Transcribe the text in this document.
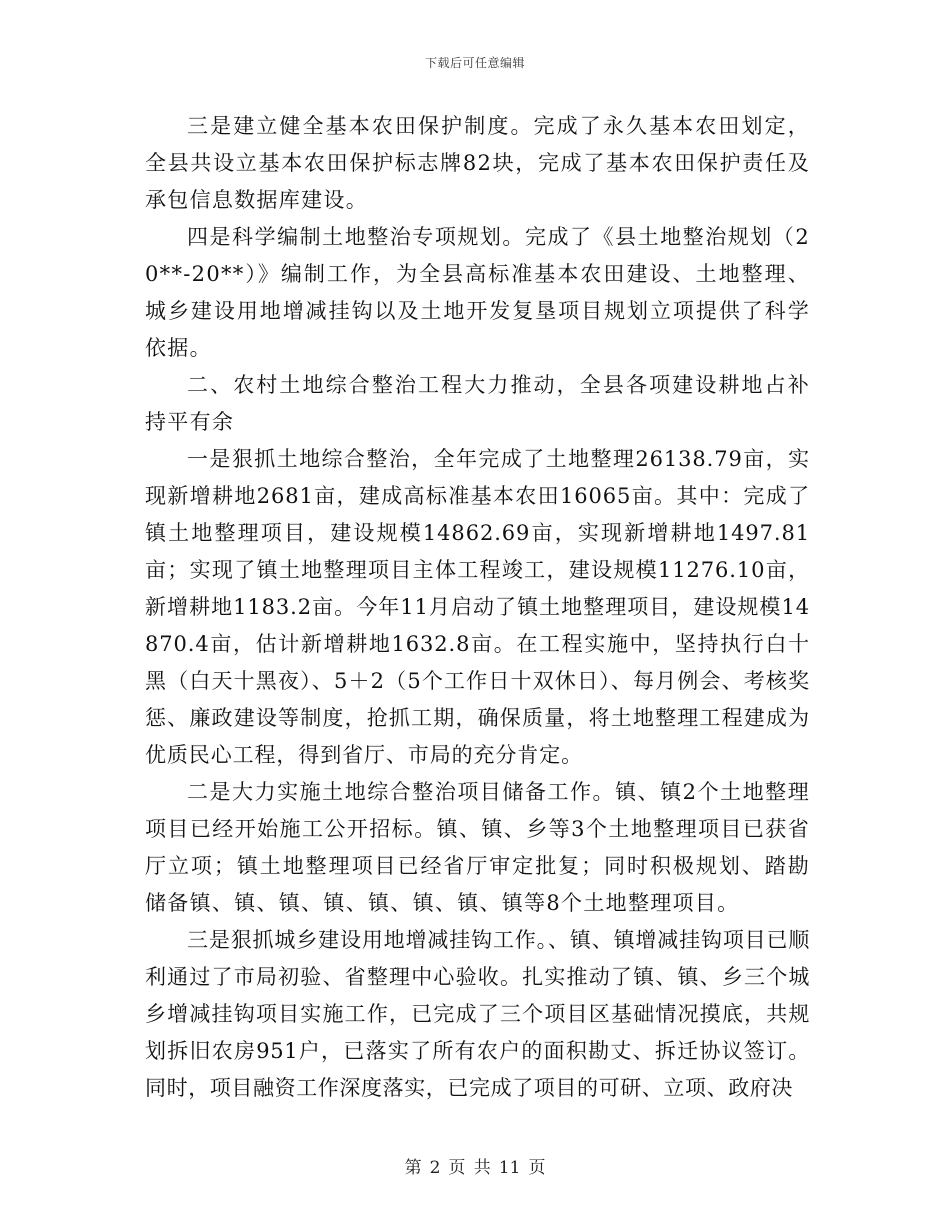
下载后可任意编辑

三是建立健全基本农田保护制度。完成了永久基本农田划定，全县共设立基本农田保护标志牌82块，完成了基本农田保护责任及承包信息数据库建设。

四是科学编制土地整治专项规划。完成了《县土地整治规划（20**-20**）》编制工作，为全县高标准基本农田建设、土地整理、城乡建设用地增减挂钩以及土地开发复垦项目规划立项提供了科学依据。

二、农村土地综合整治工程大力推动，全县各项建设耕地占补持平有余

一是狠抓土地综合整治，全年完成了土地整理26138.79亩，实现新增耕地2681亩，建成高标准基本农田16065亩。其中：完成了镇土地整理项目，建设规模14862.69亩，实现新增耕地1497.81亩；实现了镇土地整理项目主体工程竣工，建设规模11276.10亩，新增耕地1183.2亩。今年11月启动了镇土地整理项目，建设规模14870.4亩，估计新增耕地1632.8亩。在工程实施中，坚持执行白十黑（白天十黑夜）、5＋2（5个工作日十双休日）、每月例会、考核奖惩、廉政建设等制度，抢抓工期，确保质量，将土地整理工程建成为优质民心工程，得到省厅、市局的充分肯定。

二是大力实施土地综合整治项目储备工作。镇、镇2个土地整理项目已经开始施工公开招标。镇、镇、乡等3个土地整理项目已获省厅立项；镇土地整理项目已经省厅审定批复；同时积极规划、踏勘储备镇、镇、镇、镇、镇、镇、镇、镇等8个土地整理项目。

三是狠抓城乡建设用地增减挂钩工作。、镇、镇增减挂钩项目已顺利通过了市局初验、省整理中心验收。扎实推动了镇、镇、乡三个城乡增减挂钩项目实施工作，已完成了三个项目区基础情况摸底，共规划拆旧农房951户，已落实了所有农户的面积勘丈、拆迁协议签订。同时，项目融资工作深度落实，已完成了项目的可研、立项、政府决

第 2 页 共 11 页
